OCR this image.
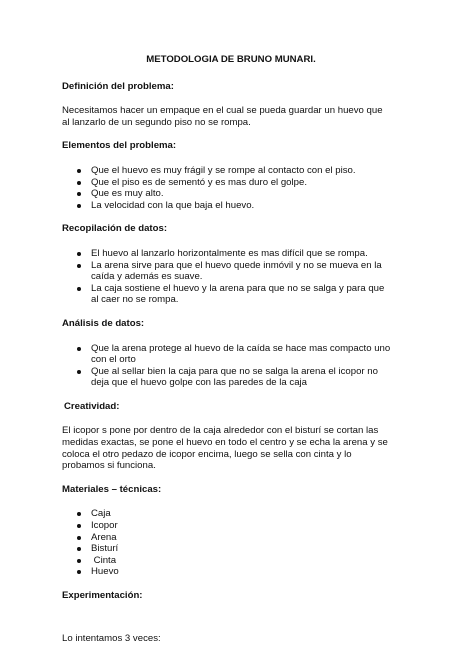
METODOLOGIA DE BRUNO MUNARI.
Definición del problema:
Necesitamos hacer un empaque en el cual se pueda guardar un huevo que al lanzarlo de un segundo piso no se rompa.
Elementos del problema:
Que el huevo es muy frágil y se rompe al contacto con el piso.
Que el piso es de sementó y es mas duro el golpe.
Que es muy alto.
La velocidad con la que baja el huevo.
Recopilación de datos:
El huevo al lanzarlo horizontalmente es mas difícil que se rompa.
La arena sirve para que el huevo quede inmóvil y no se mueva en la caída y además es suave.
La caja sostiene el huevo y la arena para que no se salga y para que al caer no se rompa.
Análisis de datos:
Que la arena protege al huevo de la caída se hace mas compacto uno con el orto
Que al sellar bien la caja para que no se salga la arena el icopor no deja que el huevo golpe con las paredes de la caja
Creatividad:
El icopor s pone por dentro de la caja alrededor con el bisturí se cortan las medidas exactas, se pone el huevo en todo el centro y se echa la arena y se coloca el otro pedazo de icopor encima, luego se sella con cinta y lo probamos si funciona.
Materiales – técnicas:
Caja
Icopor
Arena
Bisturí
Cinta
Huevo
Experimentación:
Lo intentamos 3 veces:
